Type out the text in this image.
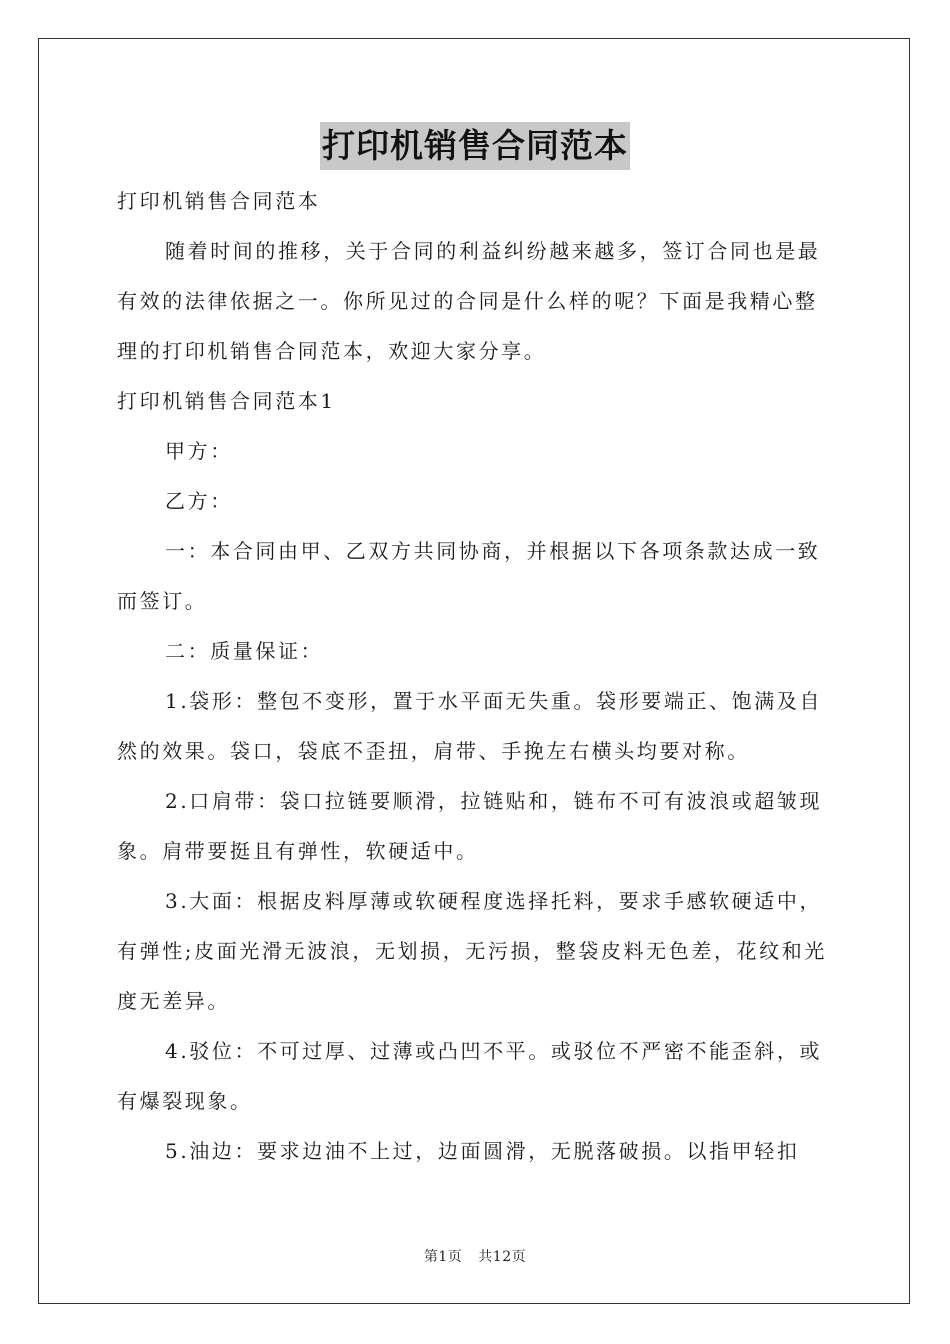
打印机销售合同范本

打印机销售合同范本

随着时间的推移，关于合同的利益纠纷越来越多，签订合同也是最有效的法律依据之一。你所见过的合同是什么样的呢？下面是我精心整理的打印机销售合同范本，欢迎大家分享。

打印机销售合同范本1

甲方：

乙方：

一：本合同由甲、乙双方共同协商，并根据以下各项条款达成一致而签订。

二：质量保证：

1.袋形：整包不变形，置于水平面无失重。袋形要端正、饱满及自然的效果。袋口，袋底不歪扭，肩带、手挽左右横头均要对称。

2.口肩带：袋口拉链要顺滑，拉链贴和，链布不可有波浪或超皱现象。肩带要挺且有弹性，软硬适中。

3.大面：根据皮料厚薄或软硬程度选择托料，要求手感软硬适中，有弹性;皮面光滑无波浪，无划损，无污损，整袋皮料无色差，花纹和光度无差异。

4.驳位：不可过厚、过薄或凸凹不平。或驳位不严密不能歪斜，或有爆裂现象。

5.油边：要求边油不上过，边面圆滑，无脱落破损。以指甲轻扣

第1页 共12页
